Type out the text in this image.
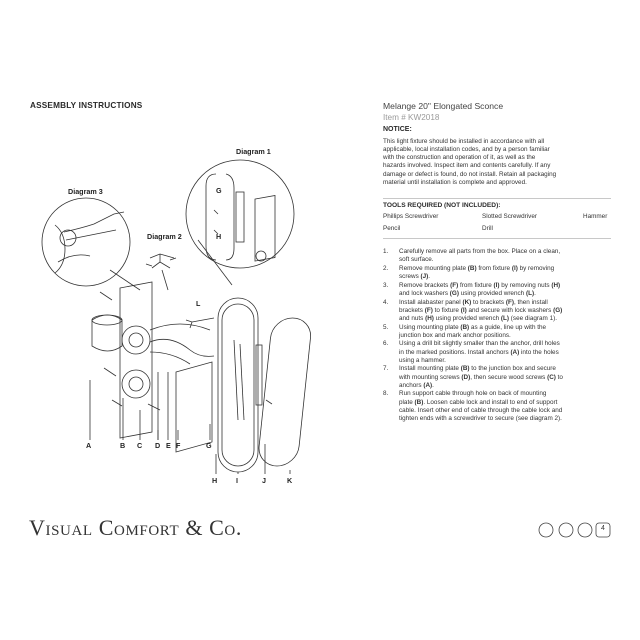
ASSEMBLY INSTRUCTIONS	Melange 20" Elongated Sconce
Item # KW2018
NOTICE:
This light fixture should be installed in accordance with all
applicable, local installation codes, and by a person familiar
with the construction and operation of it, as well as the
hazards involved. Inspect item and contents carefully. If any
damage or defect is found, do not install. Retain all packaging
material until installation is complete and approved.
TOOLS REQUIRED (NOT INCLUDED):
Phillips Screwdriver	Slotted Screwdriver	Hammer
Pencil	Drill
1. Carefully remove all parts from the box. Place on a clean,
soft surface.
2. Remove mounting plate (B) from fixture (I) by removing
screws (J).
3. Remove brackets (F) from fixture (I) by removing nuts (H)
and lock washers (G) using provided wrench (L).
4. Install alabaster panel (K) to brackets (F), then install
brackets (F) to fixture (I) and secure with lock washers (G)
and nuts (H) using provided wrench (L) (see diagram 1).
5. Using mounting plate (B) as a guide, line up with the
junction box and mark anchor positions.
6. Using a drill bit slightly smaller than the anchor, drill holes
in the marked positions. Install anchors (A) into the holes
using a hammer.
7. Install mounting plate (B) to the junction box and secure
with mounting screws (D), then secure wood screws (C) to
anchors (A).
8. Run support cable through hole on back of mounting
plate (B). Loosen cable lock and install to end of support
cable. Insert other end of cable through the cable lock and
tighten ends with a screwdriver to secure (see diagram 2).
Diagram 1
Diagram 3
Diagram 2
G
H
L
A	B C D E F	G
H	I	J	K
Visual Comfort & Co.	4
